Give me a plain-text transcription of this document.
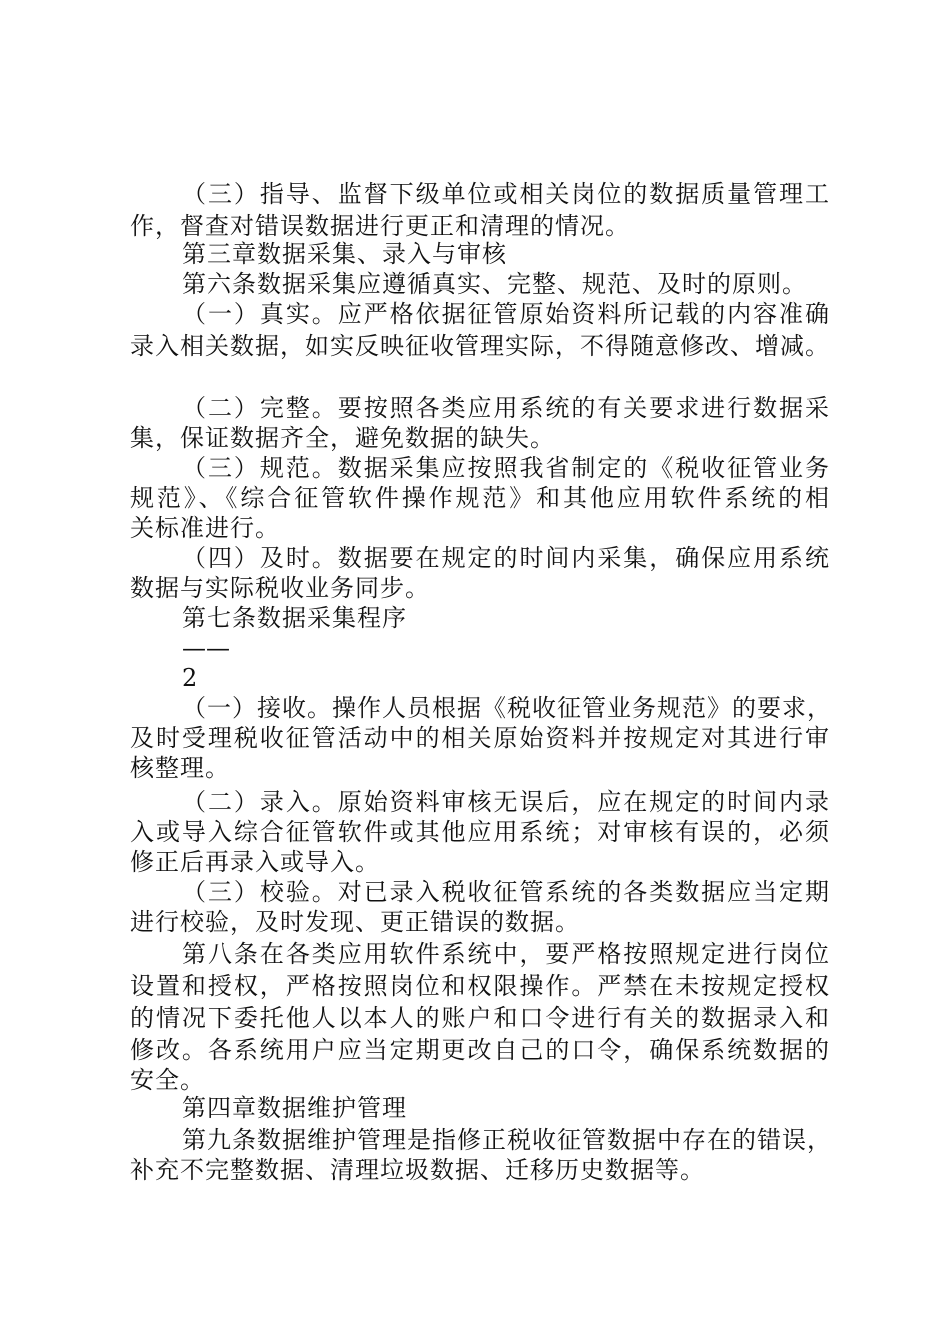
（三）指导、监督下级单位或相关岗位的数据质量管理工
作，督查对错误数据进行更正和清理的情况。
第三章数据采集、录入与审核
第六条数据采集应遵循真实、完整、规范、及时的原则。
（一）真实。应严格依据征管原始资料所记载的内容准确
录入相关数据，如实反映征收管理实际，不得随意修改、增减。
（二）完整。要按照各类应用系统的有关要求进行数据采
集，保证数据齐全，避免数据的缺失。
（三）规范。数据采集应按照我省制定的《税收征管业务
规范》、《综合征管软件操作规范》和其他应用软件系统的相
关标准进行。
（四）及时。数据要在规定的时间内采集，确保应用系统
数据与实际税收业务同步。
第七条数据采集程序
——
2
（一）接收。操作人员根据《税收征管业务规范》的要求，
及时受理税收征管活动中的相关原始资料并按规定对其进行审
核整理。
（二）录入。原始资料审核无误后，应在规定的时间内录
入或导入综合征管软件或其他应用系统；对审核有误的，必须
修正后再录入或导入。
（三）校验。对已录入税收征管系统的各类数据应当定期
进行校验，及时发现、更正错误的数据。
第八条在各类应用软件系统中，要严格按照规定进行岗位
设置和授权，严格按照岗位和权限操作。严禁在未按规定授权
的情况下委托他人以本人的账户和口令进行有关的数据录入和
修改。各系统用户应当定期更改自己的口令，确保系统数据的
安全。
第四章数据维护管理
第九条数据维护管理是指修正税收征管数据中存在的错误，
补充不完整数据、清理垃圾数据、迁移历史数据等。
